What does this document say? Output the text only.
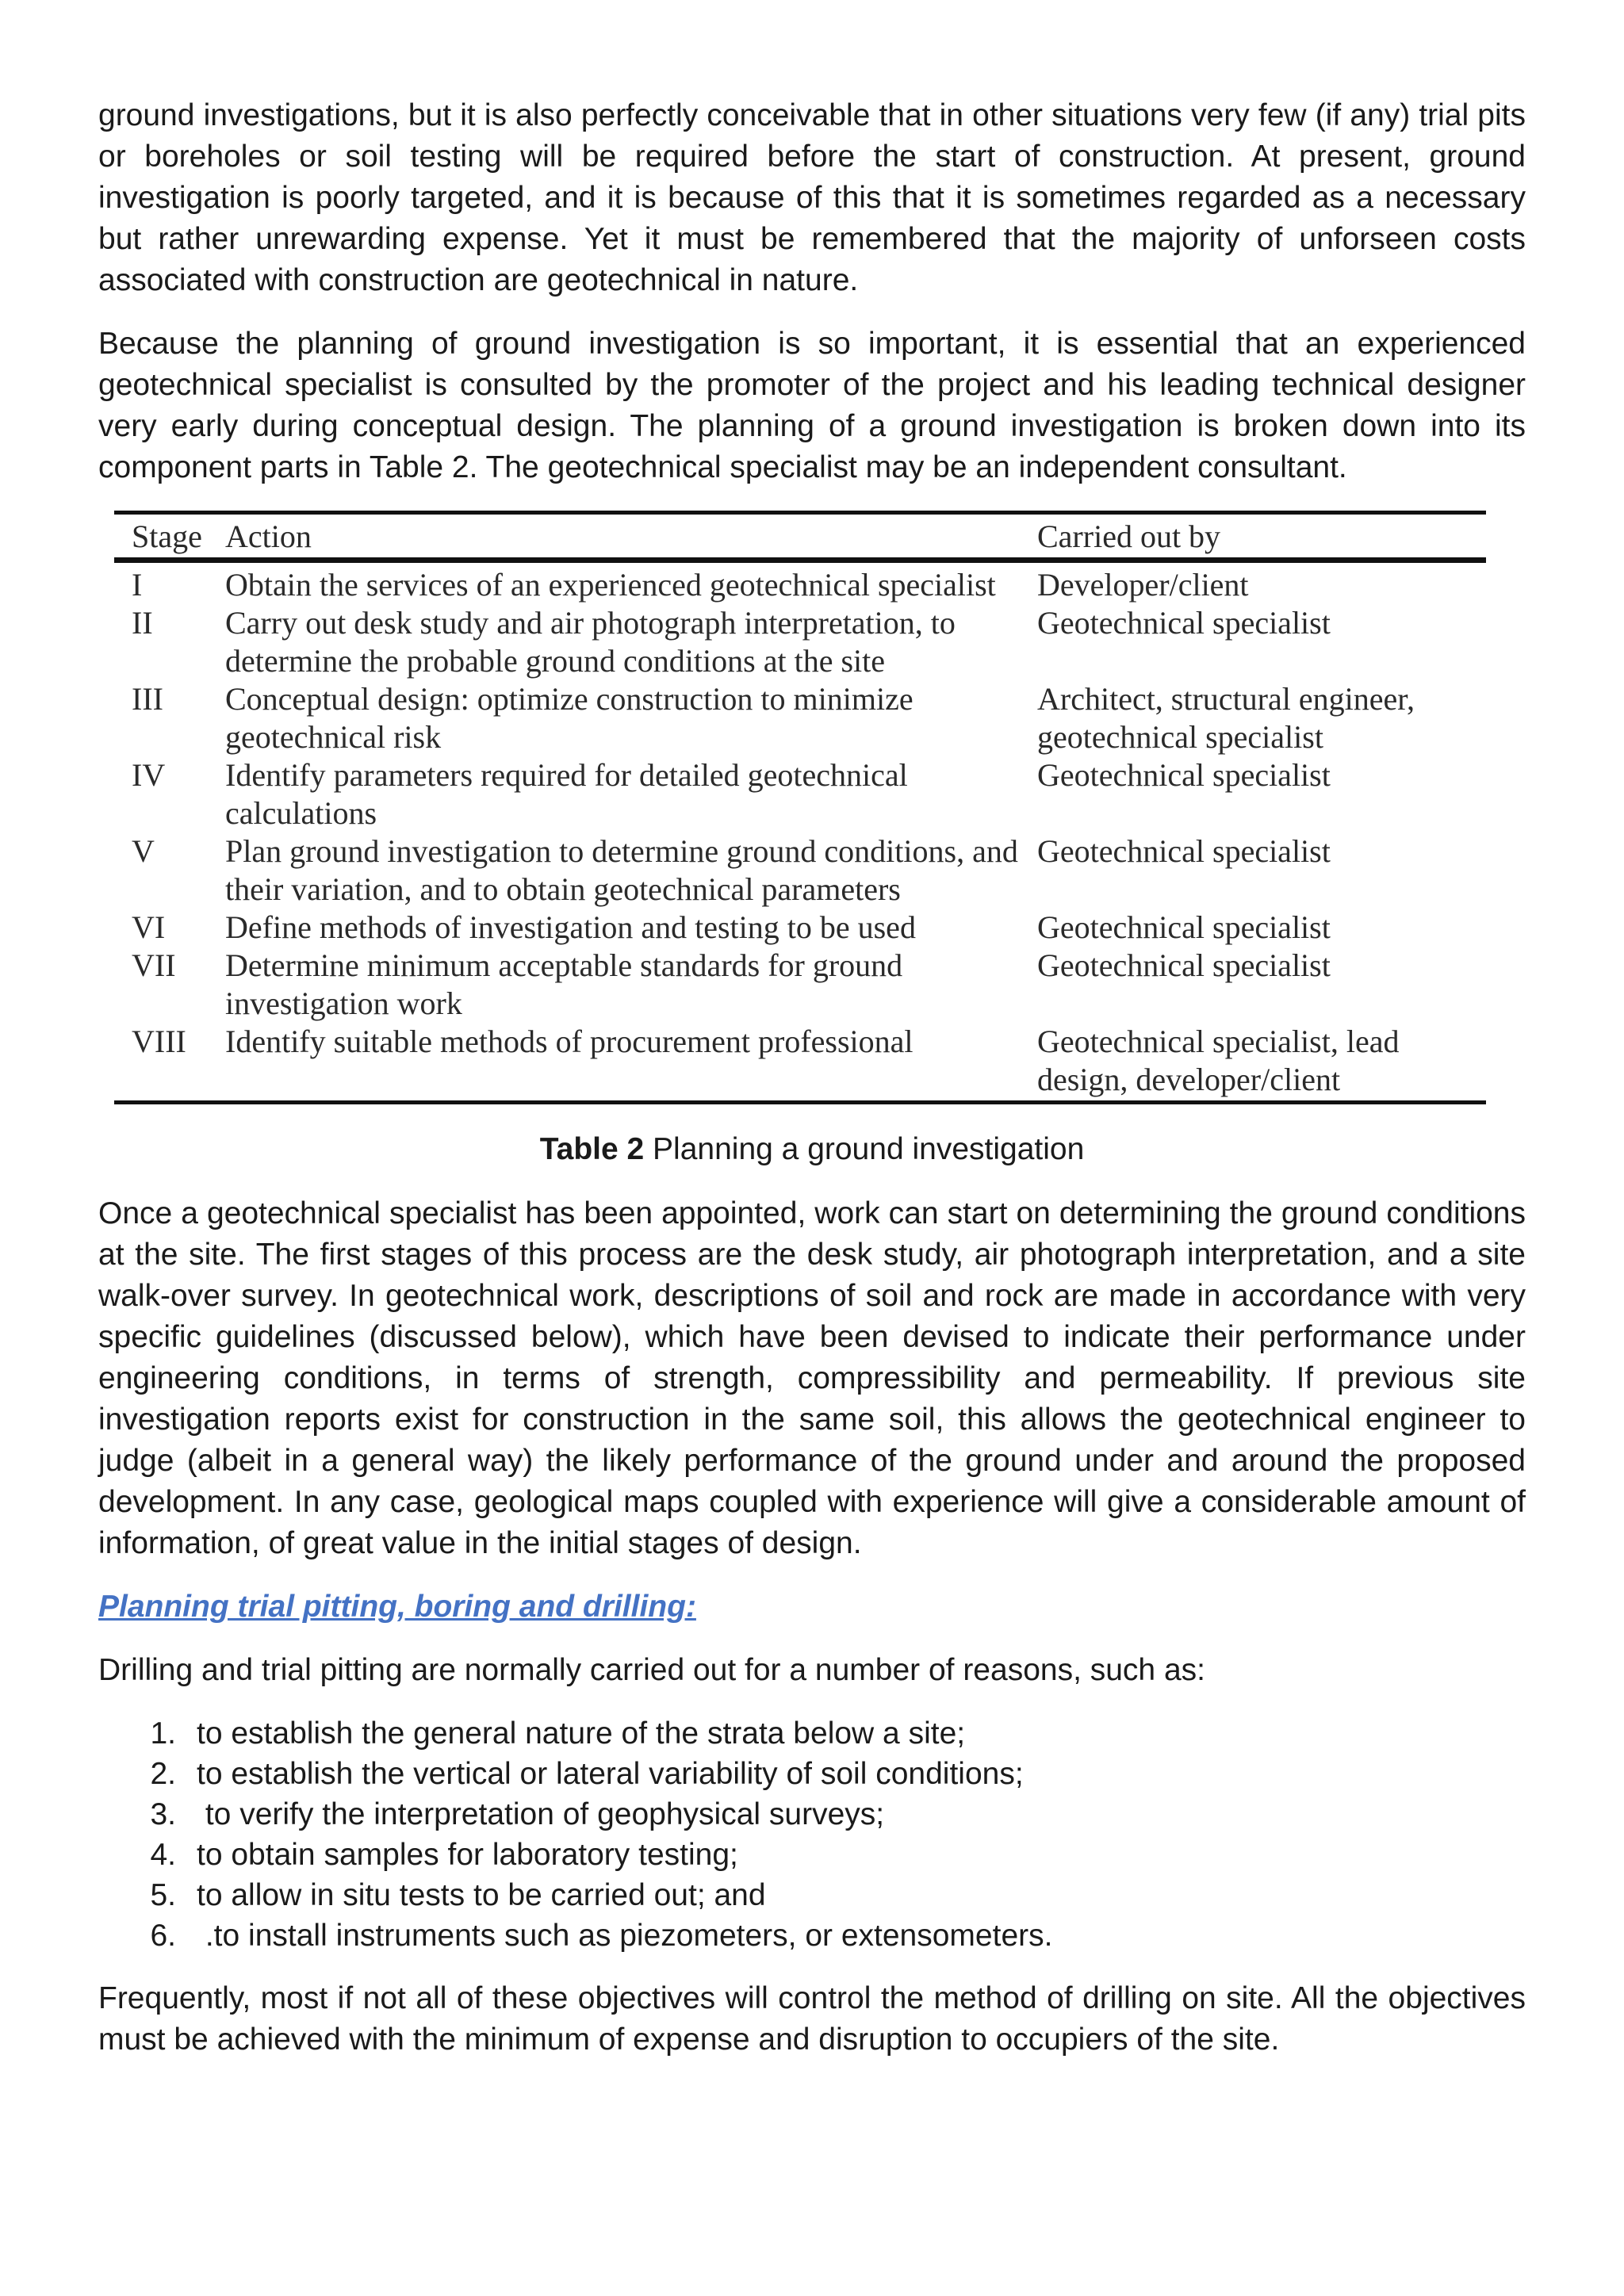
ground investigations, but it is also perfectly conceivable that in other situations very few (if any) trial pits or boreholes or soil testing will be required before the start of construction. At present, ground investigation is poorly targeted, and it is because of this that it is sometimes regarded as a necessary but rather unrewarding expense. Yet it must be remembered that the majority of unforseen costs associated with construction are geotechnical in nature.

Because the planning of ground investigation is so important, it is essential that an experienced geotechnical specialist is consulted by the promoter of the project and his leading technical designer very early during conceptual design. The planning of a ground investigation is broken down into its component parts in Table 2. The geotechnical specialist may be an independent consultant.

Stage	Action	Carried out by
I	Obtain the services of an experienced geotechnical specialist	Developer/client
II	Carry out desk study and air photograph interpretation, to determine the probable ground conditions at the site	Geotechnical specialist
III	Conceptual design: optimize construction to minimize geotechnical risk	Architect, structural engineer, geotechnical specialist
IV	Identify parameters required for detailed geotechnical calculations	Geotechnical specialist
V	Plan ground investigation to determine ground conditions, and their variation, and to obtain geotechnical parameters	Geotechnical specialist
VI	Define methods of investigation and testing to be used	Geotechnical specialist
VII	Determine minimum acceptable standards for ground investigation work	Geotechnical specialist
VIII	Identify suitable methods of procurement professional	Geotechnical specialist, lead design, developer/client
Table 2 Planning a ground investigation

Once a geotechnical specialist has been appointed, work can start on determining the ground conditions at the site. The first stages of this process are the desk study, air photograph interpretation, and a site walk-over survey. In geotechnical work, descriptions of soil and rock are made in accordance with very specific guidelines (discussed below), which have been devised to indicate their performance under engineering conditions, in terms of strength, compressibility and permeability. If previous site investigation reports exist for construction in the same soil, this allows the geotechnical engineer to judge (albeit in a general way) the likely performance of the ground under and around the proposed development. In any case, geological maps coupled with experience will give a considerable amount of information, of great value in the initial stages of design.

Planning trial pitting, boring and drilling:

Drilling and trial pitting are normally carried out for a number of reasons, such as:

1. to establish the general nature of the strata below a site;
2. to establish the vertical or lateral variability of soil conditions;
3. to verify the interpretation of geophysical surveys;
4. to obtain samples for laboratory testing;
5. to allow in situ tests to be carried out; and
6. .to install instruments such as piezometers, or extensometers.

Frequently, most if not all of these objectives will control the method of drilling on site. All the objectives must be achieved with the minimum of expense and disruption to occupiers of the site.
